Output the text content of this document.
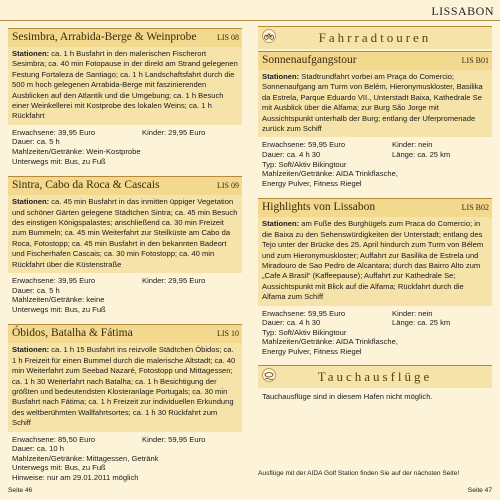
LISSABON
Sesimbra, Arrabida-Berge & Weinprobe	LIS 08
Stationen: ca. 1 h Busfahrt in den malerischen Fischerort Sesimbra; ca. 40 min Fotopause in der direkt am Strand gelegenen Festung Fortaleza de Santiago; ca. 1 h Landschaftsfahrt durch die 500 m hoch gelegenen Arrabida-Berge mit faszinierenden Ausblicken auf den Atlantik und die Umgebung; ca. 1 h Besuch einer Weinkellerei mit Kostprobe des lokalen Weins; ca. 1 h Rückfahrt
Erwachsene: 39,95 Euro	Kinder: 29,95 Euro
Dauer: ca. 5 h
Mahlzeiten/Getränke: Wein-Kostprobe
Unterwegs mit: Bus, zu Fuß
Sintra, Cabo da Roca & Cascais	LIS 09
Stationen: ca. 45 min Busfahrt in das inmitten üppiger Vegetation und schöner Gärten gelegene Städtchen Sintra; ca. 45 min Besuch des einstigen Königspalastes; anschließend ca. 30 min Freizeit zum Bummeln; ca. 45 min Weiterfahrt zur Steilküste am Cabo da Roca, Fotostopp; ca. 45 min Busfahrt in den bekannten Badeort und Fischerhafen Cascais; ca. 30 min Fotostopp; ca. 40 min Rückfahrt über die Küstenstraße
Erwachsene: 39,95 Euro	Kinder: 29,95 Euro
Dauer: ca. 5 h
Mahlzeiten/Getränke: keine
Unterwegs mit: Bus, zu Fuß
Óbidos, Batalha & Fátima	LIS 10
Stationen: ca. 1 h 15 Busfahrt ins reizvolle Städtchen Óbidos; ca. 1 h Freizeit für einen Bummel durch die malerische Altstadt; ca. 40 min Weiterfahrt zum Seebad Nazaré, Fotostopp und Mittagessen; ca. 1 h 30 Weiterfahrt nach Batalha; ca. 1 h Besichtigung der größten und bedeutendsten Klosteranlage Portugals; ca. 30 min Busfahrt nach Fátima; ca. 1 h Freizeit zur individuellen Erkundung des weltberühmten Wallfahrtsortes; ca. 1 h 30 Rückfahrt zum Schiff
Erwachsene: 85,50 Euro	Kinder: 59,95 Euro
Dauer: ca. 10 h
Mahlzeiten/Getränke: Mittagessen, Getränk
Unterwegs mit: Bus, zu Fuß
Hinweise: nur am 29.01.2011 möglich
Fahrradtouren
Sonnenaufgangstour	LIS B01
Stationen: Stadtrundfahrt vorbei am Praça do Comercio; Sonnenaufgang am Turm von Belém, Hieronymuskloster, Basilika da Estrela, Parque Eduardo VII., Unterstadt Baixa, Kathedrale Se mit Ausblick über die Alfama; zur Burg São Jorge mit Aussichtspunkt unterhalb der Burg; entlang der Uferpromenade zurück zum Schiff
Erwachsene: 59,95 Euro	Kinder: nein
Dauer: ca. 4 h 30	Länge: ca. 25 km
Typ: Soft/Aktiv Bikingtour
Mahlzeiten/Getränke: AIDA Trinkflasche,
Energy Pulver, Fitness Riegel
Highlights von Lissabon	LIS B02
Stationen: am Fuße des Burghügels zum Praca do Comercio; in die Baixa zu den Sehenswürdigkeiten der Unterstadt; entlang des Tejo unter der Brücke des 25. April hindurch zum Turm von Bélem und zum Hieronymuskloster; Auffahrt zur Basilika de Estrela und Miradouro de Sao Pedro de Alcantara; durch das Bairro Alto zum „Cafe A Brasil“ (Kaffeepause); Auffahrt zur Kathedrale Se; Aussichtspunkt mit Blick auf die Alfama; Rückfahrt durch die Alfama zum Schiff
Erwachsene: 59,95 Euro	Kinder: nein
Dauer: ca. 4 h 30	Länge: ca. 25 km
Typ: Soft/Aktiv Bikingtour
Mahlzeiten/Getränke: AIDA Trinkflasche,
Energy Pulver, Fitness Riegel
Tauchausflüge
Tauchausflüge sind in diesem Hafen nicht möglich.
Ausflüge mit der AIDA Golf Station finden Sie auf der nächsten Seite!
Seite 46	Seite 47
